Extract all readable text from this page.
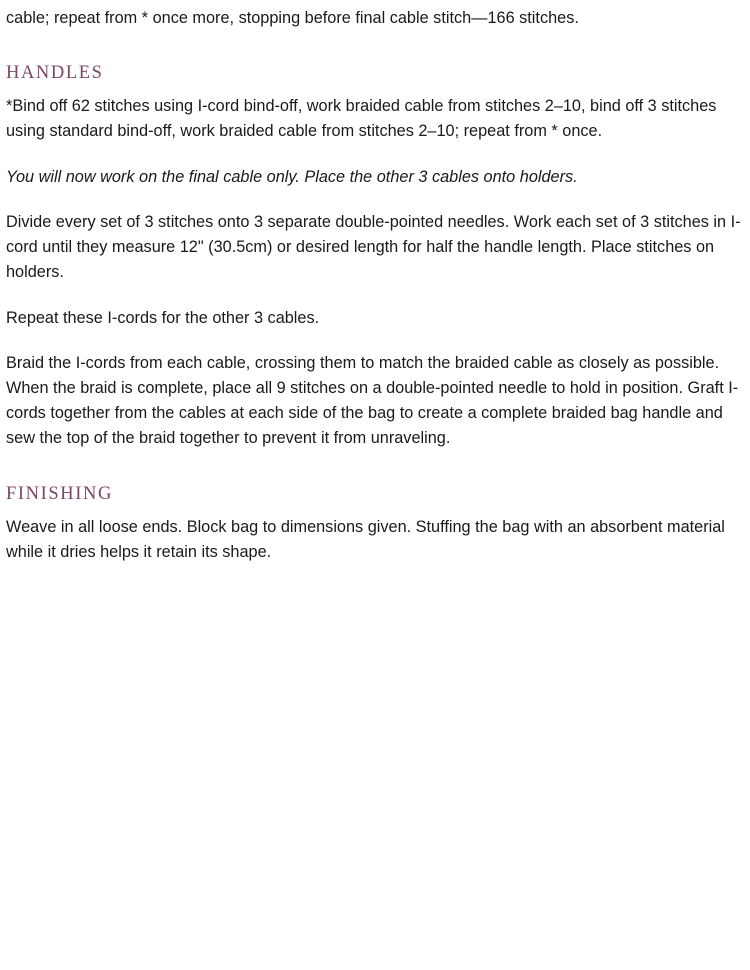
cable; repeat from * once more, stopping before final cable stitch—166 stitches.

HANDLES

*Bind off 62 stitches using I-cord bind-off, work braided cable from stitches 2–10, bind off 3 stitches using standard bind-off, work braided cable from stitches 2–10; repeat from * once.

You will now work on the final cable only. Place the other 3 cables onto holders.

Divide every set of 3 stitches onto 3 separate double-pointed needles. Work each set of 3 stitches in I-cord until they measure 12" (30.5cm) or desired length for half the handle length. Place stitches on holders.

Repeat these I-cords for the other 3 cables.

Braid the I-cords from each cable, crossing them to match the braided cable as closely as possible. When the braid is complete, place all 9 stitches on a double-pointed needle to hold in position. Graft I-cords together from the cables at each side of the bag to create a complete braided bag handle and sew the top of the braid together to prevent it from unraveling.

FINISHING

Weave in all loose ends. Block bag to dimensions given. Stuffing the bag with an absorbent material while it dries helps it retain its shape.
